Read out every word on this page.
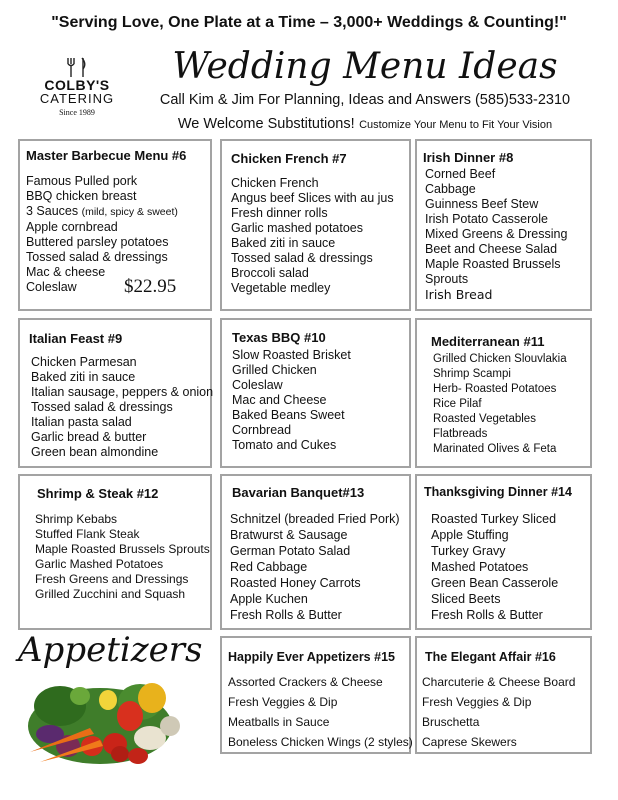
"Serving Love, One Plate at a Time – 3,000+ Weddings & Counting!"
COLBY'S
CATERING
Since 1989
Wedding Menu Ideas
Call Kim & Jim For Planning, Ideas and Answers (585)533-2310
We Welcome Substitutions! Customize Your Menu to Fit Your Vision
Master Barbecue Menu #6
Famous Pulled pork
BBQ chicken breast
3 Sauces (mild, spicy & sweet)
Apple cornbread
Buttered parsley potatoes
Tossed salad & dressings
Mac & cheese
Coleslaw	$22.95
Chicken French #7
Chicken French
Angus beef Slices with au jus
Fresh dinner rolls
Garlic mashed potatoes
Baked ziti in sauce
Tossed salad & dressings
Broccoli salad
Vegetable medley
Irish Dinner #8
Corned Beef
Cabbage
Guinness Beef Stew
Irish Potato Casserole
Mixed Greens & Dressing
Beet and Cheese Salad
Maple Roasted Brussels
Sprouts
Irish Bread
Italian Feast #9
Chicken Parmesan
Baked ziti in sauce
Italian sausage, peppers & onion
Tossed salad & dressings
Italian pasta salad
Garlic bread & butter
Green bean almondine
Texas BBQ #10
Slow Roasted Brisket
Grilled Chicken
Coleslaw
Mac and Cheese
Baked Beans Sweet
Cornbread
Tomato and Cukes
Mediterranean #11
Grilled Chicken Slouvlakia
Shrimp Scampi
Herb- Roasted Potatoes
Rice Pilaf
Roasted Vegetables
Flatbreads
Marinated Olives & Feta
Shrimp & Steak #12
Shrimp Kebabs
Stuffed Flank Steak
Maple Roasted Brussels Sprouts
Garlic Mashed Potatoes
Fresh Greens and Dressings
Grilled Zucchini and Squash
Bavarian Banquet#13
Schnitzel (breaded Fried Pork)
Bratwurst & Sausage
German Potato Salad
Red Cabbage
Roasted Honey Carrots
Apple Kuchen
Fresh Rolls & Butter
Thanksgiving Dinner #14
Roasted Turkey Sliced
Apple Stuffing
Turkey Gravy
Mashed Potatoes
Green Bean Casserole
Sliced Beets
Fresh Rolls & Butter
Appetizers Happily Ever Appetizers #15
Assorted Crackers & Cheese
Fresh Veggies & Dip
Meatballs in Sauce
Boneless Chicken Wings (2 styles)
The Elegant Affair #16
Charcuterie & Cheese Board
Fresh Veggies & Dip
Bruschetta
Caprese Skewers
